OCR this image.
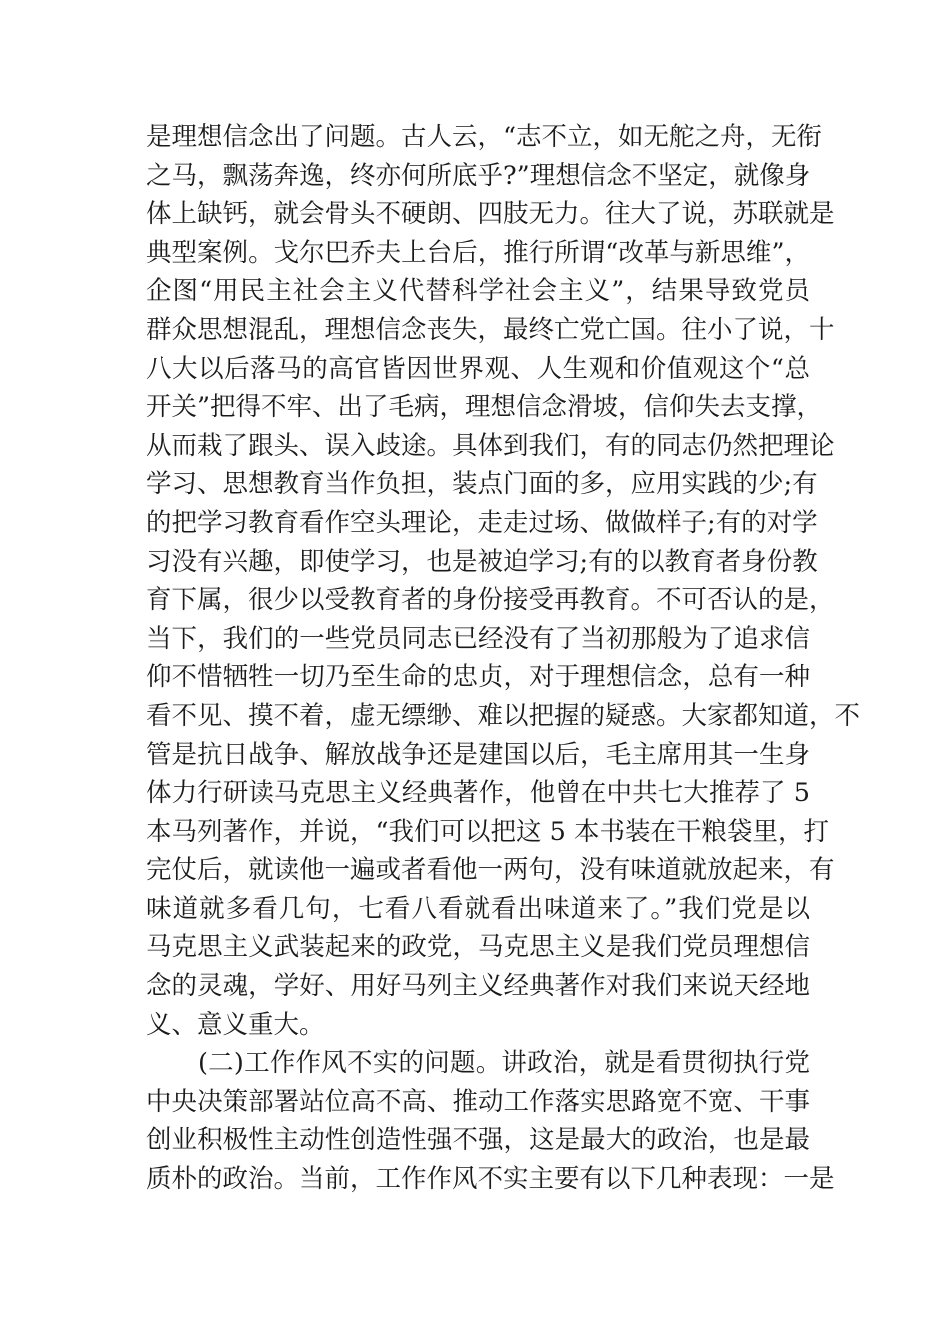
是理想信念出了问题。古人云，“志不立，如无舵之舟，无衔
之马，飘荡奔逸，终亦何所底乎?”理想信念不坚定，就像身
体上缺钙，就会骨头不硬朗、四肢无力。往大了说，苏联就是
典型案例。戈尔巴乔夫上台后，推行所谓“改革与新思维”，
企图“用民主社会主义代替科学社会主义”，结果导致党员
群众思想混乱，理想信念丧失，最终亡党亡国。往小了说，十
八大以后落马的高官皆因世界观、人生观和价值观这个“总
开关”把得不牢、出了毛病，理想信念滑坡，信仰失去支撑，
从而栽了跟头、误入歧途。具体到我们，有的同志仍然把理论
学习、思想教育当作负担，装点门面的多，应用实践的少;有
的把学习教育看作空头理论，走走过场、做做样子;有的对学
习没有兴趣，即使学习，也是被迫学习;有的以教育者身份教
育下属，很少以受教育者的身份接受再教育。不可否认的是，
当下，我们的一些党员同志已经没有了当初那般为了追求信
仰不惜牺牲一切乃至生命的忠贞，对于理想信念，总有一种
看不见、摸不着，虚无缥缈、难以把握的疑惑。大家都知道，不
管是抗日战争、解放战争还是建国以后，毛主席用其一生身
体力行研读马克思主义经典著作，他曾在中共七大推荐了 5
本马列著作，并说，“我们可以把这 5 本书装在干粮袋里，打
完仗后，就读他一遍或者看他一两句，没有味道就放起来，有
味道就多看几句，七看八看就看出味道来了。”我们党是以
马克思主义武装起来的政党，马克思主义是我们党员理想信
念的灵魂，学好、用好马列主义经典著作对我们来说天经地
义、意义重大。
(二)工作作风不实的问题。讲政治，就是看贯彻执行党
中央决策部署站位高不高、推动工作落实思路宽不宽、干事
创业积极性主动性创造性强不强，这是最大的政治，也是最
质朴的政治。当前，工作作风不实主要有以下几种表现：一是
